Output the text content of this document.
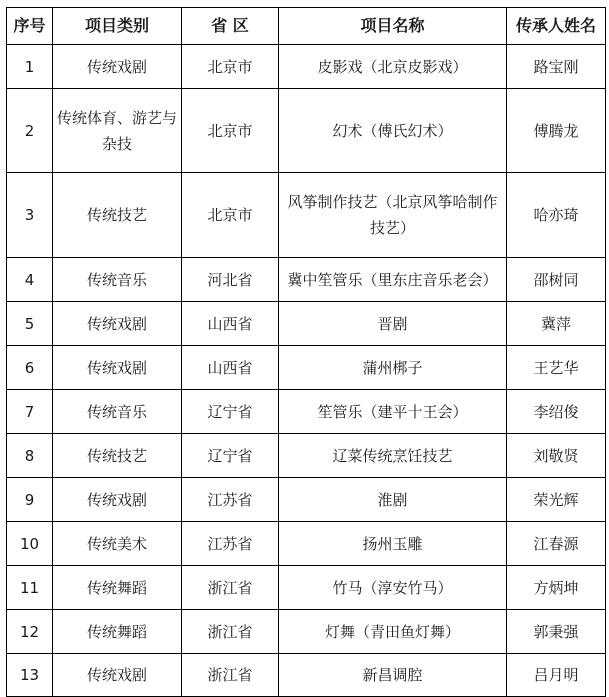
序号	项目类别	省 区	项目名称	传承人姓名
1	传统戏剧	北京市	皮影戏（北京皮影戏）	路宝刚
2	传统体育、游艺与杂技	北京市	幻术（傅氏幻术）	傅腾龙
3	传统技艺	北京市	风筝制作技艺（北京风筝哈制作技艺）	哈亦琦
4	传统音乐	河北省	冀中笙管乐（里东庄音乐老会）	邵树同
5	传统戏剧	山西省	晋剧	冀萍
6	传统戏剧	山西省	蒲州梆子	王艺华
7	传统音乐	辽宁省	笙管乐（建平十王会）	李绍俊
8	传统技艺	辽宁省	辽菜传统烹饪技艺	刘敬贤
9	传统戏剧	江苏省	淮剧	荣光辉
10	传统美术	江苏省	扬州玉雕	江春源
11	传统舞蹈	浙江省	竹马（淳安竹马）	方炳坤
12	传统舞蹈	浙江省	灯舞（青田鱼灯舞）	郭秉强
13	传统戏剧	浙江省	新昌调腔	吕月明
